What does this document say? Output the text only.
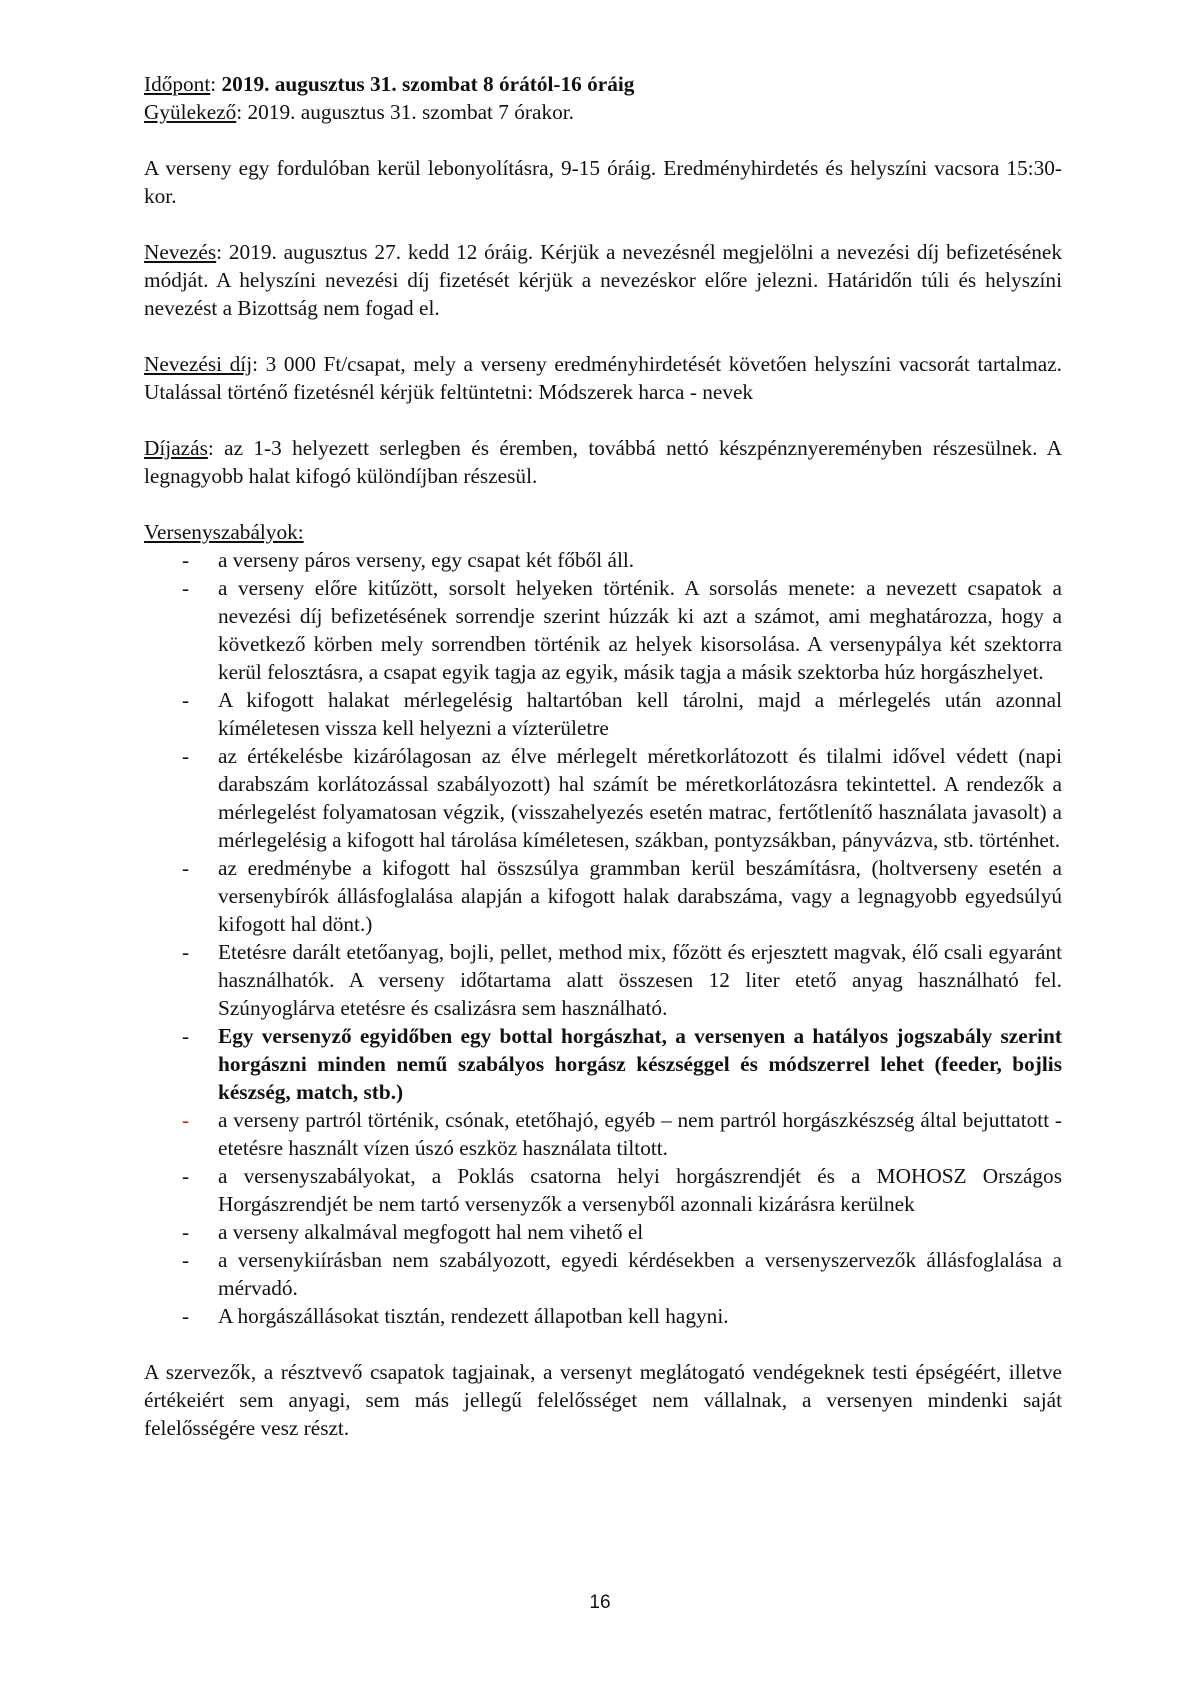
Időpont: 2019. augusztus 31. szombat 8 órától-16 óráig

Gyülekező: 2019. augusztus 31. szombat 7 órakor.

A verseny egy fordulóban kerül lebonyolításra, 9-15 óráig. Eredményhirdetés és helyszíni vacsora 15:30-kor.

Nevezés: 2019. augusztus 27. kedd 12 óráig. Kérjük a nevezésnél megjelölni a nevezési díj befizetésének módját. A helyszíni nevezési díj fizetését kérjük a nevezéskor előre jelezni. Határidőn túli és helyszíni nevezést a Bizottság nem fogad el.

Nevezési díj: 3 000 Ft/csapat, mely a verseny eredményhirdetését követően helyszíni vacsorát tartalmaz. Utalással történő fizetésnél kérjük feltüntetni: Módszerek harca - nevek

Díjazás: az 1-3 helyezett serlegben és éremben, továbbá nettó készpénznyereményben részesülnek. A legnagyobb halat kifogó különdíjban részesül.

Versenyszabályok:

- a verseny páros verseny, egy csapat két főből áll.
- a verseny előre kitűzött, sorsolt helyeken történik. A sorsolás menete: a nevezett csapatok a nevezési díj befizetésének sorrendje szerint húzzák ki azt a számot, ami meghatározza, hogy a következő körben mely sorrendben történik az helyek kisorsolása. A versenypálya két szektorra kerül felosztásra, a csapat egyik tagja az egyik, másik tagja a másik szektorba húz horgászhelyet.
- A kifogott halakat mérlegelésig haltartóban kell tárolni, majd a mérlegelés után azonnal kíméletesen vissza kell helyezni a vízterületre
- az értékelésbe kizárólagosan az élve mérlegelt méretkorlátozott és tilalmi idővel védett (napi darabszám korlátozással szabályozott) hal számít be méretkorlátozásra tekintettel. A rendezők a mérlegelést folyamatosan végzik, (visszahelyezés esetén matrac, fertőtlenítő használata javasolt) a mérlegelésig a kifogott hal tárolása kíméletesen, szákban, pontyzsákban, pányvázva, stb. történhet.
- az eredménybe a kifogott hal összsúlya grammban kerül beszámításra, (holtverseny esetén a versenybírók állásfoglalása alapján a kifogott halak darabszáma, vagy a legnagyobb egyedsúlyú kifogott hal dönt.)
- Etetésre darált etetőanyag, bojli, pellet, method mix, főzött és erjesztett magvak, élő csali egyaránt használhatók. A verseny időtartama alatt összesen 12 liter etető anyag használható fel. Szúnyoglárva etetésre és csalizásra sem használható.
- Egy versenyző egyidőben egy bottal horgászhat, a versenyen a hatályos jogszabály szerint horgászni minden nemű szabályos horgász készséggel és módszerrel lehet (feeder, bojlis készség, match, stb.)
- a verseny partról történik, csónak, etetőhajó, egyéb – nem partról horgászkészség által bejuttatott - etetésre használt vízen úszó eszköz használata tiltott.
- a versenyszabályokat, a Poklás csatorna helyi horgászrendjét és a MOHOSZ Országos Horgászrendjét be nem tartó versenyzők a versenyből azonnali kizárásra kerülnek
- a verseny alkalmával megfogott hal nem vihető el
- a versenykiírásban nem szabályozott, egyedi kérdésekben a versenyszervezők állásfoglalása a mérvadó.
- A horgászállásokat tisztán, rendezett állapotban kell hagyni.

A szervezők, a résztvevő csapatok tagjainak, a versenyt meglátogató vendégeknek testi épségéért, illetve értékeiért sem anyagi, sem más jellegű felelősséget nem vállalnak, a versenyen mindenki saját felelősségére vesz részt.

16
